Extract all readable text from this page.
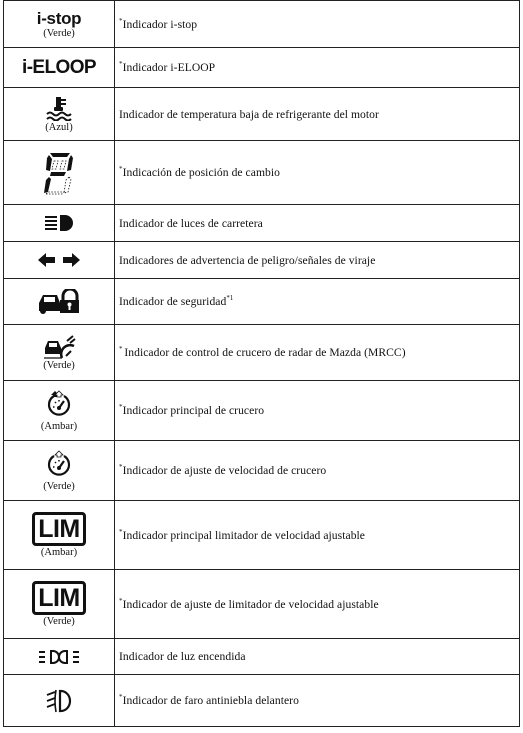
i-stop
(Verde)	*Indicador i-stop

i-ELOOP	*Indicador i-ELOOP

(Azul)	Indicador de temperatura baja de refrigerante del motor

	*Indicación de posición de cambio

	Indicador de luces de carretera

	Indicadores de advertencia de peligro/señales de viraje

	Indicador de seguridad$^{*1}$

(Verde)	* Indicador de control de crucero de radar de Mazda (MRCC)

(Ambar)	*Indicador principal de crucero

(Verde)	*Indicador de ajuste de velocidad de crucero

LIM
(Ambar)	*Indicador principal limitador de velocidad ajustable

LIM
(Verde)	*Indicador de ajuste de limitador de velocidad ajustable

	Indicador de luz encendida

	*Indicador de faro antiniebla delantero
